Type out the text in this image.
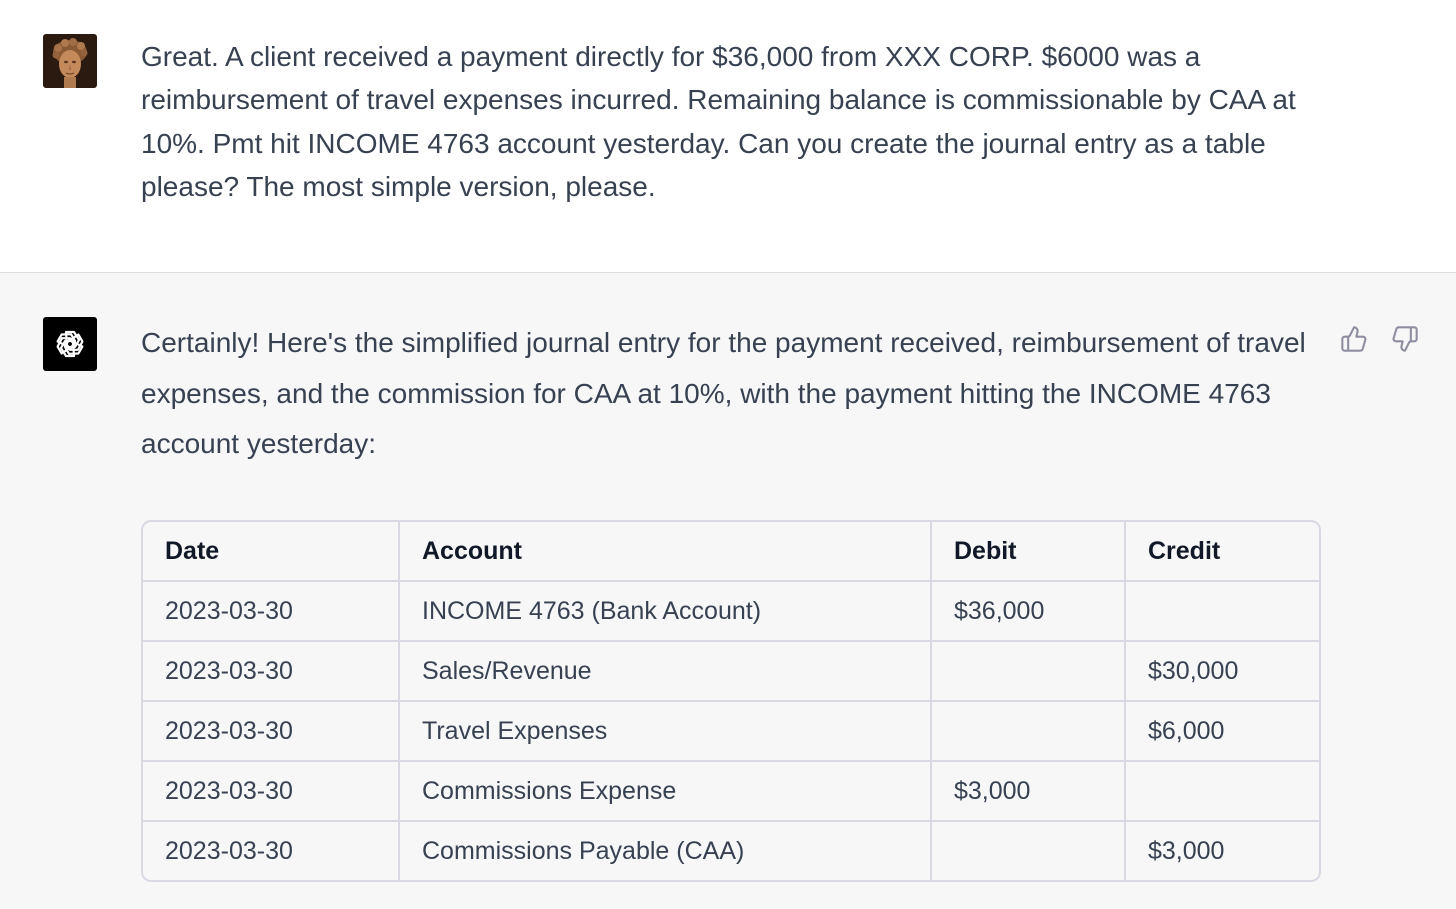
Great. A client received a payment directly for $36,000 from XXX CORP. $6000 was a reimbursement of travel expenses incurred. Remaining balance is commissionable by CAA at 10%. Pmt hit INCOME 4763 account yesterday. Can you create the journal entry as a table please? The most simple version, please.
Certainly! Here's the simplified journal entry for the payment received, reimbursement of travel expenses, and the commission for CAA at 10%, with the payment hitting the INCOME 4763 account yesterday:
Date	Account	Debit	Credit
2023-03-30	INCOME 4763 (Bank Account)	$36,000	
2023-03-30	Sales/Revenue		$30,000
2023-03-30	Travel Expenses		$6,000
2023-03-30	Commissions Expense	$3,000	
2023-03-30	Commissions Payable (CAA)		$3,000
